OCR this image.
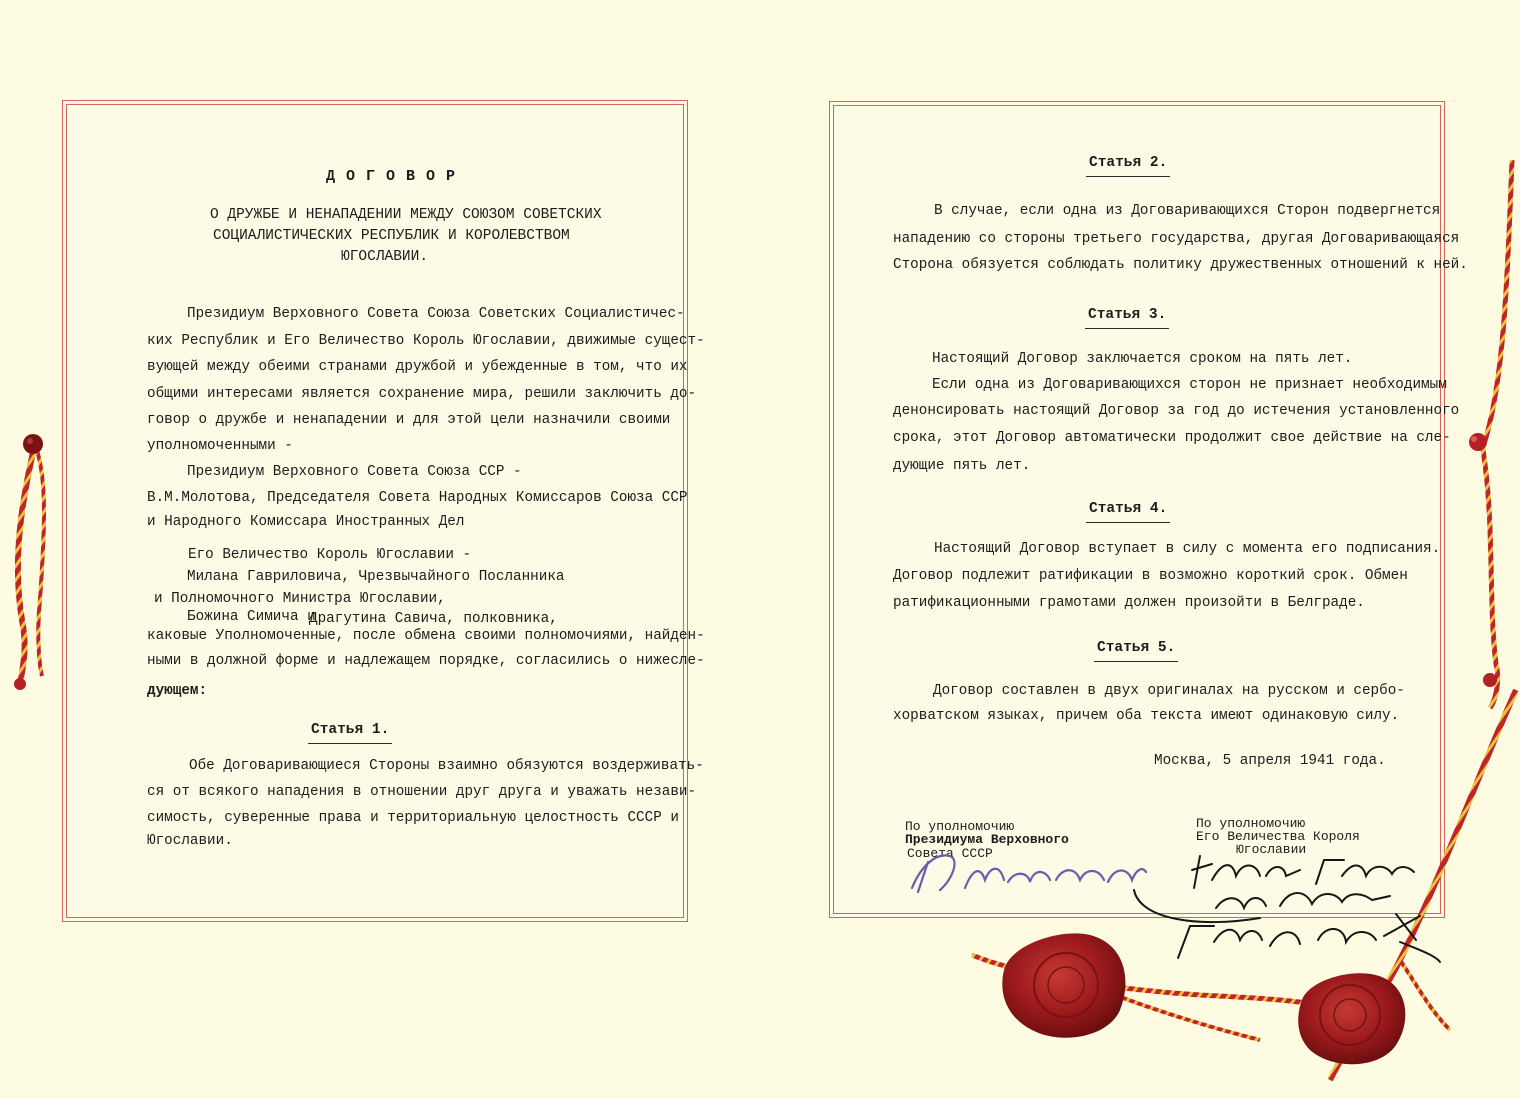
Д О Г О В О Р
О ДРУЖБЕ И НЕНАПАДЕНИИ МЕЖДУ СОЮЗОМ СОВЕТСКИХ
СОЦИАЛИСТИЧЕСКИХ РЕСПУБЛИК И КОРОЛЕВСТВОМ
ЮГОСЛАВИИ.
Президиум Верховного Совета Союза Советских Социалистичес-
ких Республик и Его Величество Король Югославии, движимые сущест-
вующей между обеими странами дружбой и убежденные в том, что их
общими интересами является сохранение мира, решили заключить до-
говор о дружбе и ненападении и для этой цели назначили своими
уполномоченными -
Президиум Верховного Совета Союза ССР -
В.М.Молотова, Председателя Совета Народных Комиссаров Союза ССР
и Народного Комиссара Иностранных Дел
Его Величество Король Югославии -
Милана Гавриловича, Чрезвычайного Посланника
и Полномочного Министра Югославии,
Божина Симича и
Драгутина Савича, полковника,
каковые Уполномоченные, после обмена своими полномочиями, найден-
ными в должной форме и надлежащем порядке, согласились о нижесле-
дующем:
Статья 1.
Обе Договаривающиеся Стороны взаимно обязуются воздерживать-
ся от всякого нападения в отношении друг друга и уважать незави-
симость, суверенные права и территориальную целостность СССР и
Югославии.
Статья 2.
В случае, если одна из Договаривающихся Сторон подвергнется
нападению со стороны третьего государства, другая Договаривающаяся
Сторона обязуется соблюдать политику дружественных отношений к ней.
Статья 3.
Настоящий Договор заключается сроком на пять лет.
Если одна из Договаривающихся сторон не признает необходимым
денонсировать настоящий Договор за год до истечения установленного
срока, этот Договор автоматически продолжит свое действие на сле-
дующие пять лет.
Статья 4.
Настоящий Договор вступает в силу с момента его подписания.
Договор подлежит ратификации в возможно короткий срок. Обмен
ратификационными грамотами должен произойти в Белграде.
Статья 5.
Договор составлен в двух оригиналах на русском и сербо-
хорватском языках, причем оба текста имеют одинаковую силу.
Москва, 5 апреля 1941 года.
По уполномочию
Президиума Верховного
Совета СССР
По уполномочию
Его Величества Короля
Югославии
